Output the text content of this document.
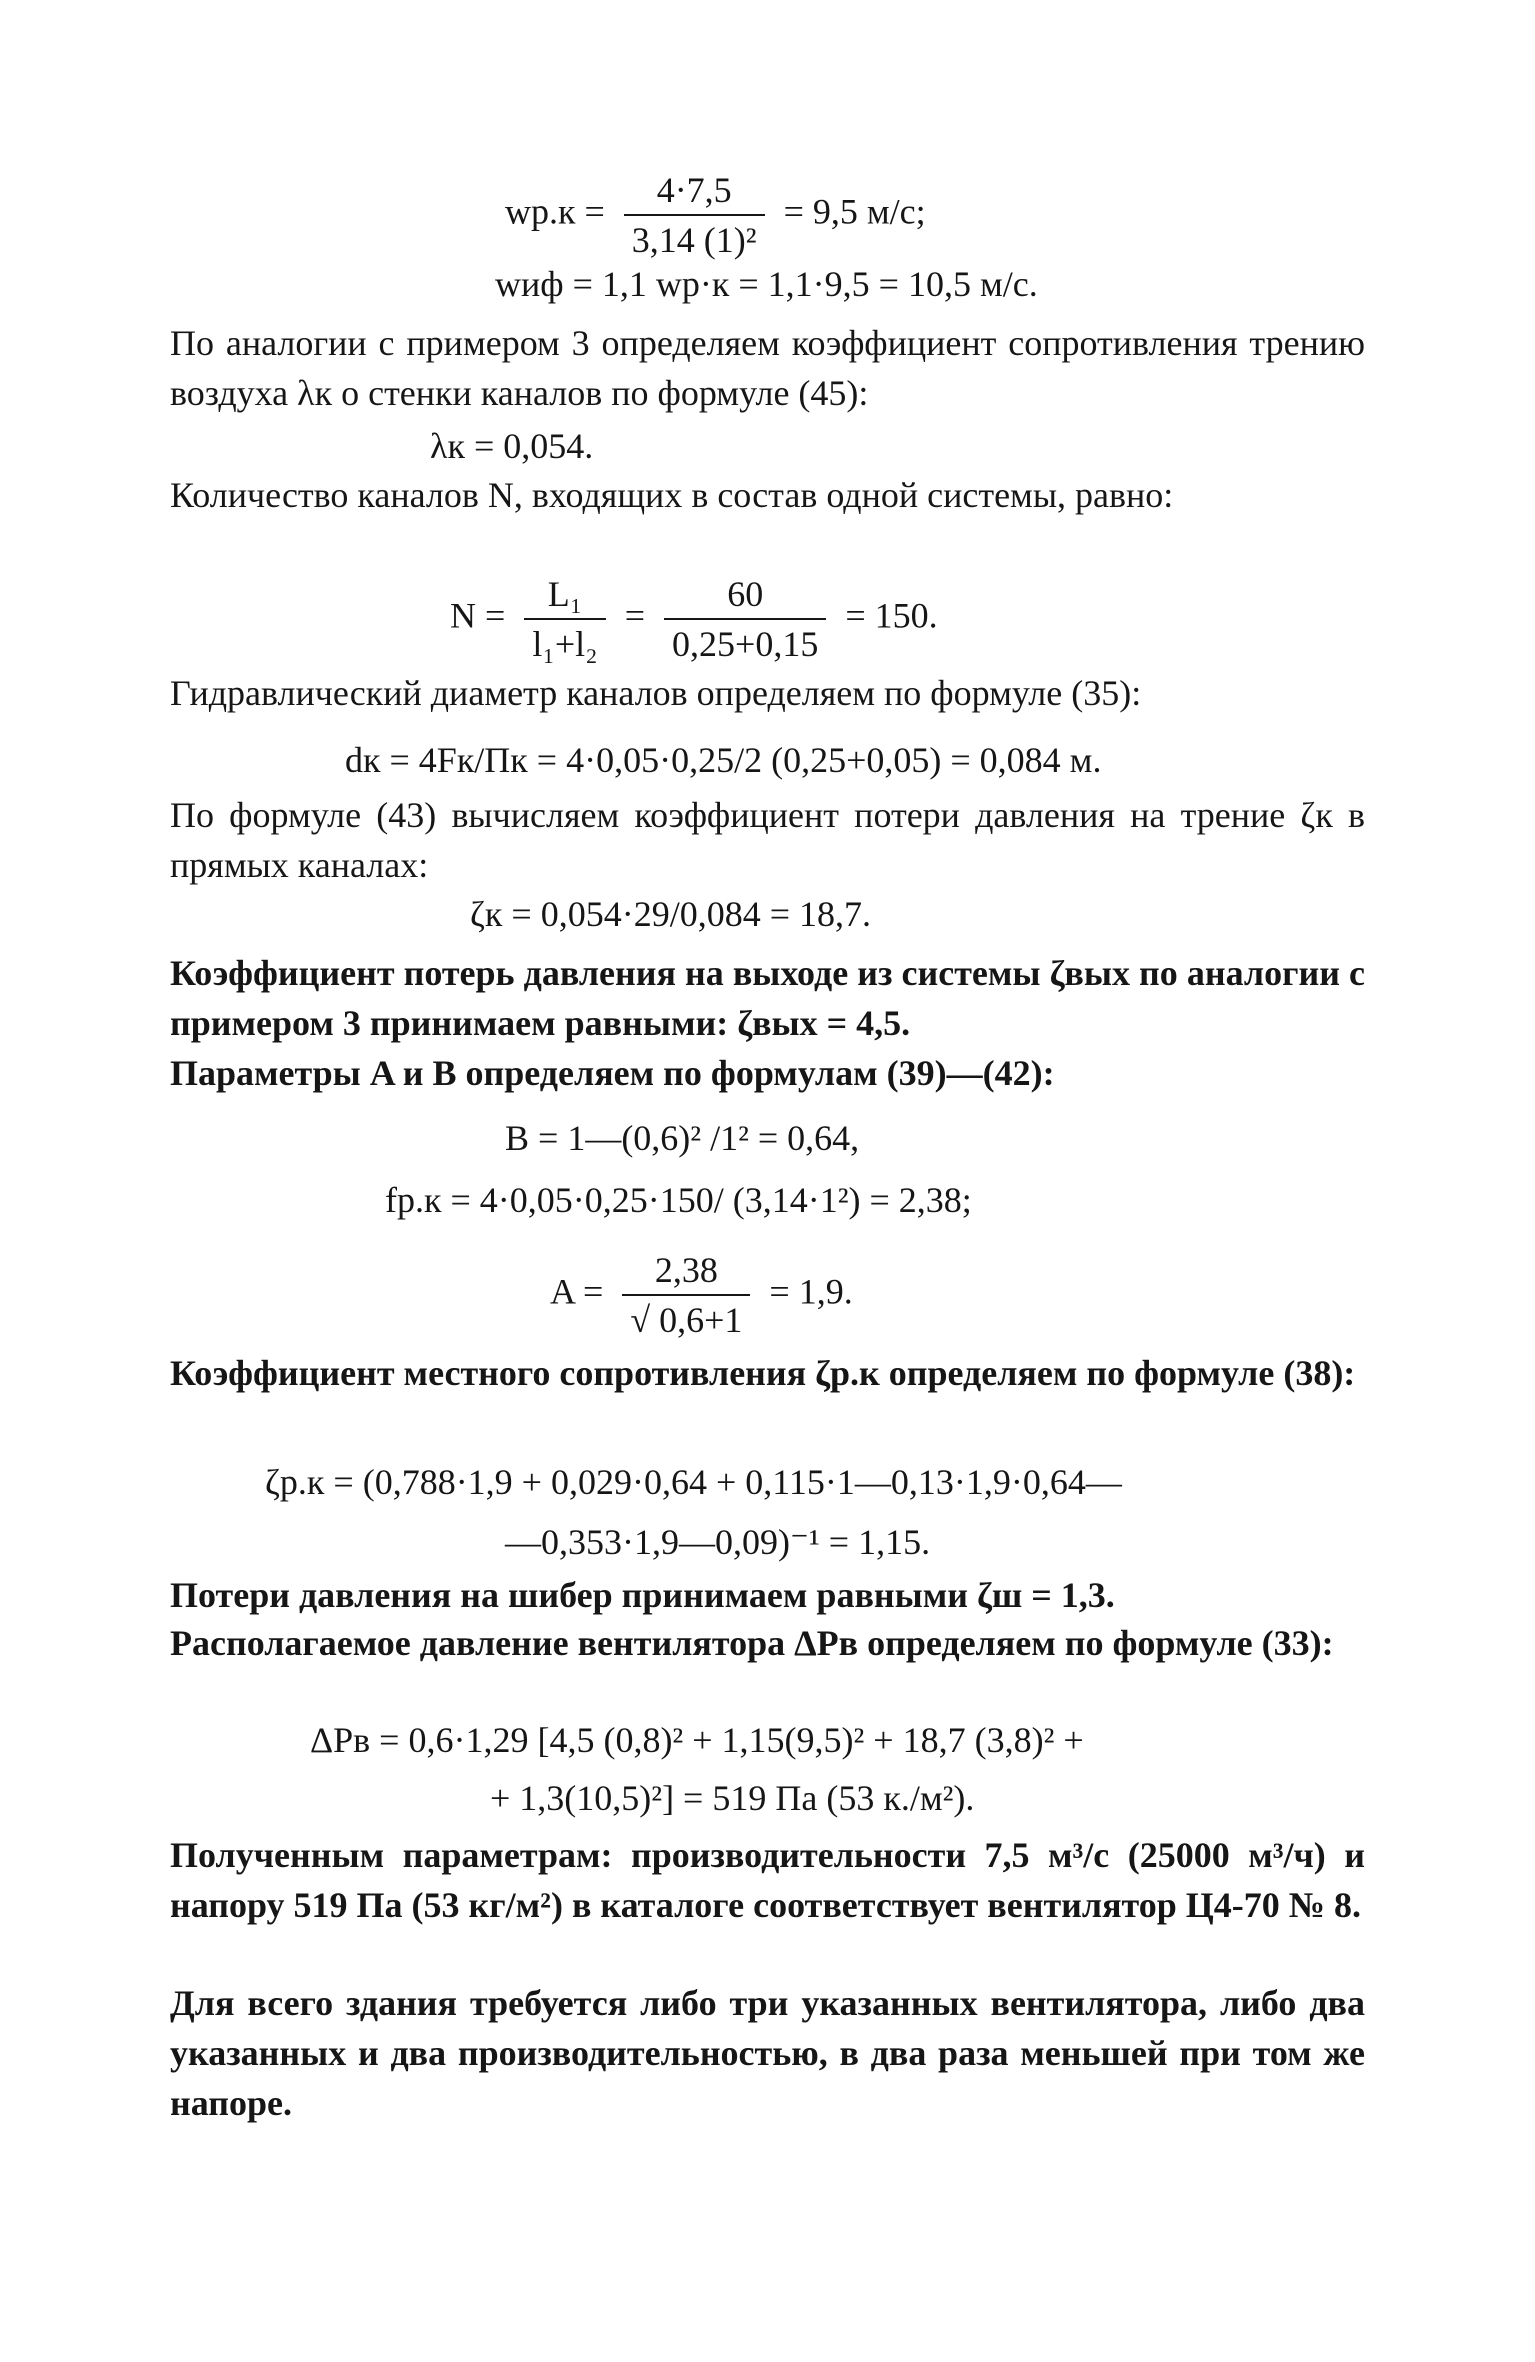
$wр.к = \frac{4\cdot 7,5}{\text{3,14 (1)²}} = 9,5$ м/с;
wиф = 1,1 wр·к = 1,1·9,5 = 10,5 м/с.
По аналогии с примером 3 определяем коэффициент сопротивления трению воздуха λк о стенки каналов по формуле (45):
λк = 0,054.
Количество каналов N, входящих в состав одной системы, равно:
$N = \frac{\text{L₁}}{\text{l₁+l₂}} = \frac{60}{0,25+0,15} = 150$.
Гидравлический диаметр каналов определяем по формуле (35):
dк = 4Fк/Пк = 4·0,05·0,25/2 (0,25+0,05) = 0,084 м.
По формуле (43) вычисляем коэффициент потери давления на трение ζк в прямых каналах:
ζк = 0,054·29/0,084 = 18,7.
Коэффициент потерь давления на выходе из системы ζвых по аналогии с примером 3 принимаем равными: ζвых = 4,5.
Параметры A и B определяем по формулам (39)—(42):
B = 1—(0,6)² /1² = 0,64,
fр.к = 4·0,05·0,25·150/ (3,14·1²) = 2,38;
$A = \frac{2,38}{√ 0,6+1} = 1,9$.
Коэффициент местного сопротивления ζр.к определяем по формуле (38):
ζр.к = (0,788·1,9 + 0,029·0,64 + 0,115·1—0,13·1,9·0,64—
—0,353·1,9—0,09)⁻¹ = 1,15.
Потери давления на шибер принимаем равными ζш = 1,3.
Располагаемое давление вентилятора ΔPв определяем по формуле (33):
ΔPв = 0,6·1,29 [4,5 (0,8)² + 1,15(9,5)² + 18,7 (3,8)² +
+ 1,3(10,5)²] = 519 Па (53 к./м²).
Полученным параметрам: производительности 7,5 м³/с (25000 м³/ч) и напору 519 Па (53 кг/м²) в каталоге соответствует вентилятор Ц4-70 № 8.
Для всего здания требуется либо три указанных вентилятора, либо два указанных и два производительностью, в два раза меньшей при том же напоре.
